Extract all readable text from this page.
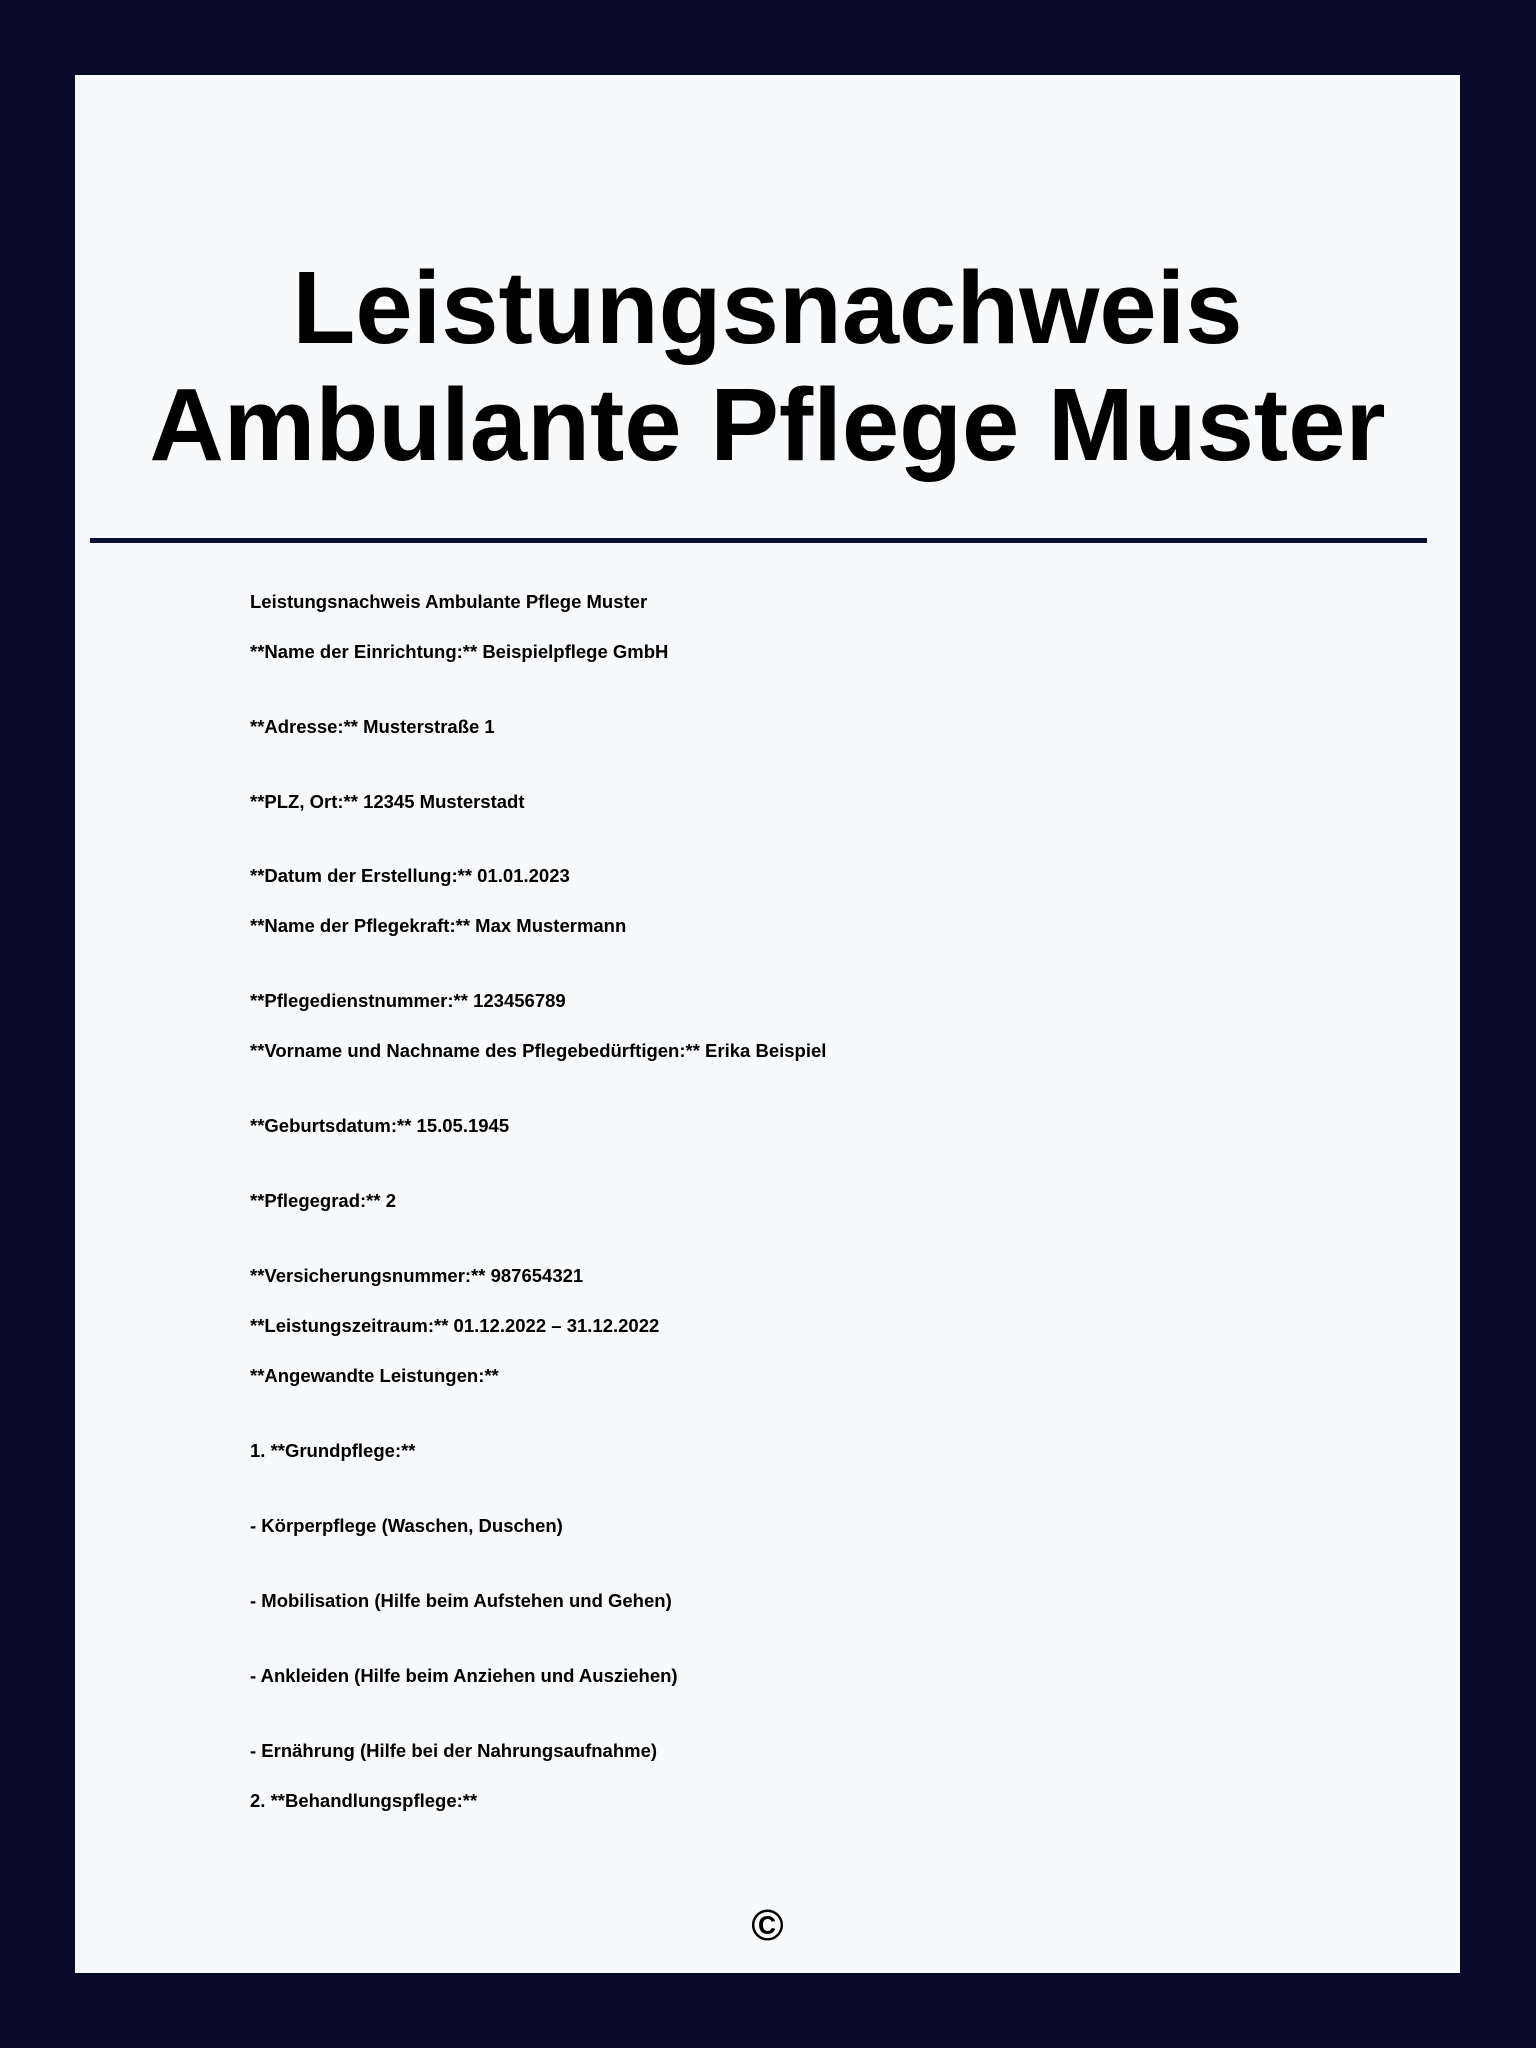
Leistungsnachweis
Ambulante Pflege Muster
Leistungsnachweis Ambulante Pflege Muster
**Name der Einrichtung:** Beispielpflege GmbH
**Adresse:** Musterstraße 1
**PLZ, Ort:** 12345 Musterstadt
**Datum der Erstellung:** 01.01.2023
**Name der Pflegekraft:** Max Mustermann
**Pflegedienstnummer:** 123456789
**Vorname und Nachname des Pflegebedürftigen:** Erika Beispiel
**Geburtsdatum:** 15.05.1945
**Pflegegrad:** 2
**Versicherungsnummer:** 987654321
**Leistungszeitraum:** 01.12.2022 – 31.12.2022
**Angewandte Leistungen:**
1. **Grundpflege:**
- Körperpflege (Waschen, Duschen)
- Mobilisation (Hilfe beim Aufstehen und Gehen)
- Ankleiden (Hilfe beim Anziehen und Ausziehen)
- Ernährung (Hilfe bei der Nahrungsaufnahme)
2. **Behandlungspflege:**
©
